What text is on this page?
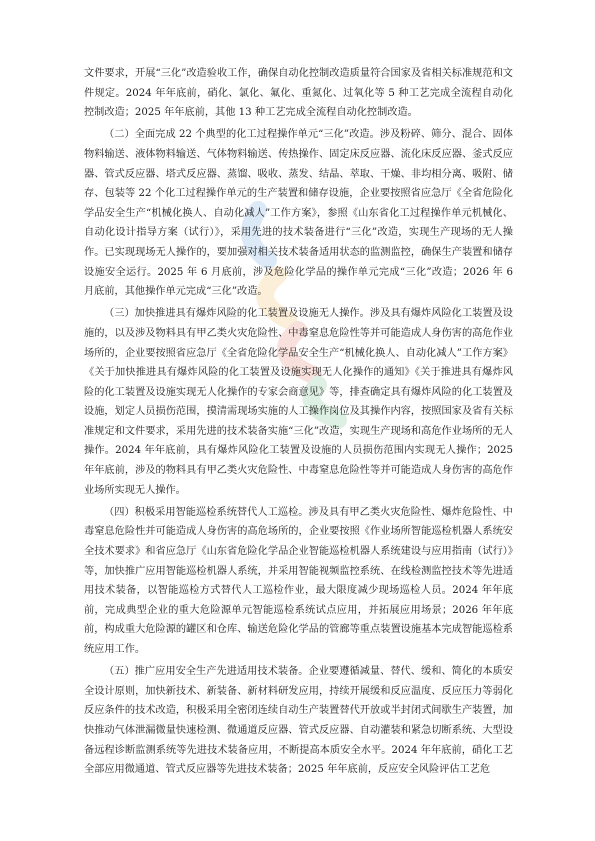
文件要求，开展“三化”改造验收工作，确保自动化控制改造质量符合国家及省相关标准规范和文件规定。2024 年年底前，硝化、氯化、氟化、重氮化、过氧化等 5 种工艺完成全流程自动化控制改造；2025 年年底前，其他 13 种工艺完成全流程自动化控制改造。

（二）全面完成 22 个典型的化工过程操作单元“三化”改造。涉及粉碎、筛分、混合、固体物料输送、液体物料输送、气体物料输送、传热操作、固定床反应器、流化床反应器、釜式反应器、管式反应器、塔式反应器、蒸馏、吸收、蒸发、结晶、萃取、干燥、非均相分离、吸附、储存、包装等 22 个化工过程操作单元的生产装置和储存设施，企业要按照省应急厅《全省危险化学品安全生产“机械化换人、自动化减人”工作方案》，参照《山东省化工过程操作单元机械化、自动化设计指导方案（试行）》，采用先进的技术装备进行“三化”改造，实现生产现场的无人操作。已实现现场无人操作的，要加强对相关技术装备适用状态的监测监控，确保生产装置和储存设施安全运行。2025 年 6 月底前，涉及危险化学品的操作单元完成“三化”改造；2026 年 6 月底前，其他操作单元完成“三化”改造。

（三）加快推进具有爆炸风险的化工装置及设施无人操作。涉及具有爆炸风险化工装置及设施的，以及涉及物料具有甲乙类火灾危险性、中毒窒息危险性等并可能造成人身伤害的高危作业场所的，企业要按照省应急厅《全省危险化学品安全生产“机械化换人、自动化减人”工作方案》《关于加快推进具有爆炸风险的化工装置及设施实现无人化操作的通知》《关于推进具有爆炸风险的化工装置及设施实现无人化操作的专家会商意见》等，排查确定具有爆炸风险的化工装置及设施，划定人员损伤范围，摸清需现场实施的人工操作岗位及其操作内容，按照国家及省有关标准规定和文件要求，采用先进的技术装备实施“三化”改造，实现生产现场和高危作业场所的无人操作。2024 年年底前，具有爆炸风险化工装置及设施的人员损伤范围内实现无人操作；2025 年年底前，涉及的物料具有甲乙类火灾危险性、中毒窒息危险性等并可能造成人身伤害的高危作业场所实现无人操作。

（四）积极采用智能巡检系统替代人工巡检。涉及具有甲乙类火灾危险性、爆炸危险性、中毒窒息危险性并可能造成人身伤害的高危场所的，企业要按照《作业场所智能巡检机器人系统安全技术要求》和省应急厅《山东省危险化学品企业智能巡检机器人系统建设与应用指南（试行）》等，加快推广应用智能巡检机器人系统，并采用智能视频监控系统、在线检测监控技术等先进适用技术装备，以智能巡检方式替代人工巡检作业，最大限度减少现场巡检人员。2024 年年底前，完成典型企业的重大危险源单元智能巡检系统试点应用，并拓展应用场景；2026 年年底前，构成重大危险源的罐区和仓库、输送危险化学品的管廊等重点装置设施基本完成智能巡检系统应用工作。

（五）推广应用安全生产先进适用技术装备。企业要遵循减量、替代、缓和、简化的本质安全设计原则，加快新技术、新装备、新材料研发应用，持续开展缓和反应温度、反应压力等弱化反应条件的技术改造，积极采用全密闭连续自动生产装置替代开放或半封闭式间歇生产装置，加快推动气体泄漏微量快速检测、微通道反应器、管式反应器、自动灌装和紧急切断系统、大型设备远程诊断监测系统等先进技术装备应用，不断提高本质安全水平。2024 年年底前，硝化工艺全部应用微通道、管式反应器等先进技术装备；2025 年年底前，反应安全风险评估工艺危
